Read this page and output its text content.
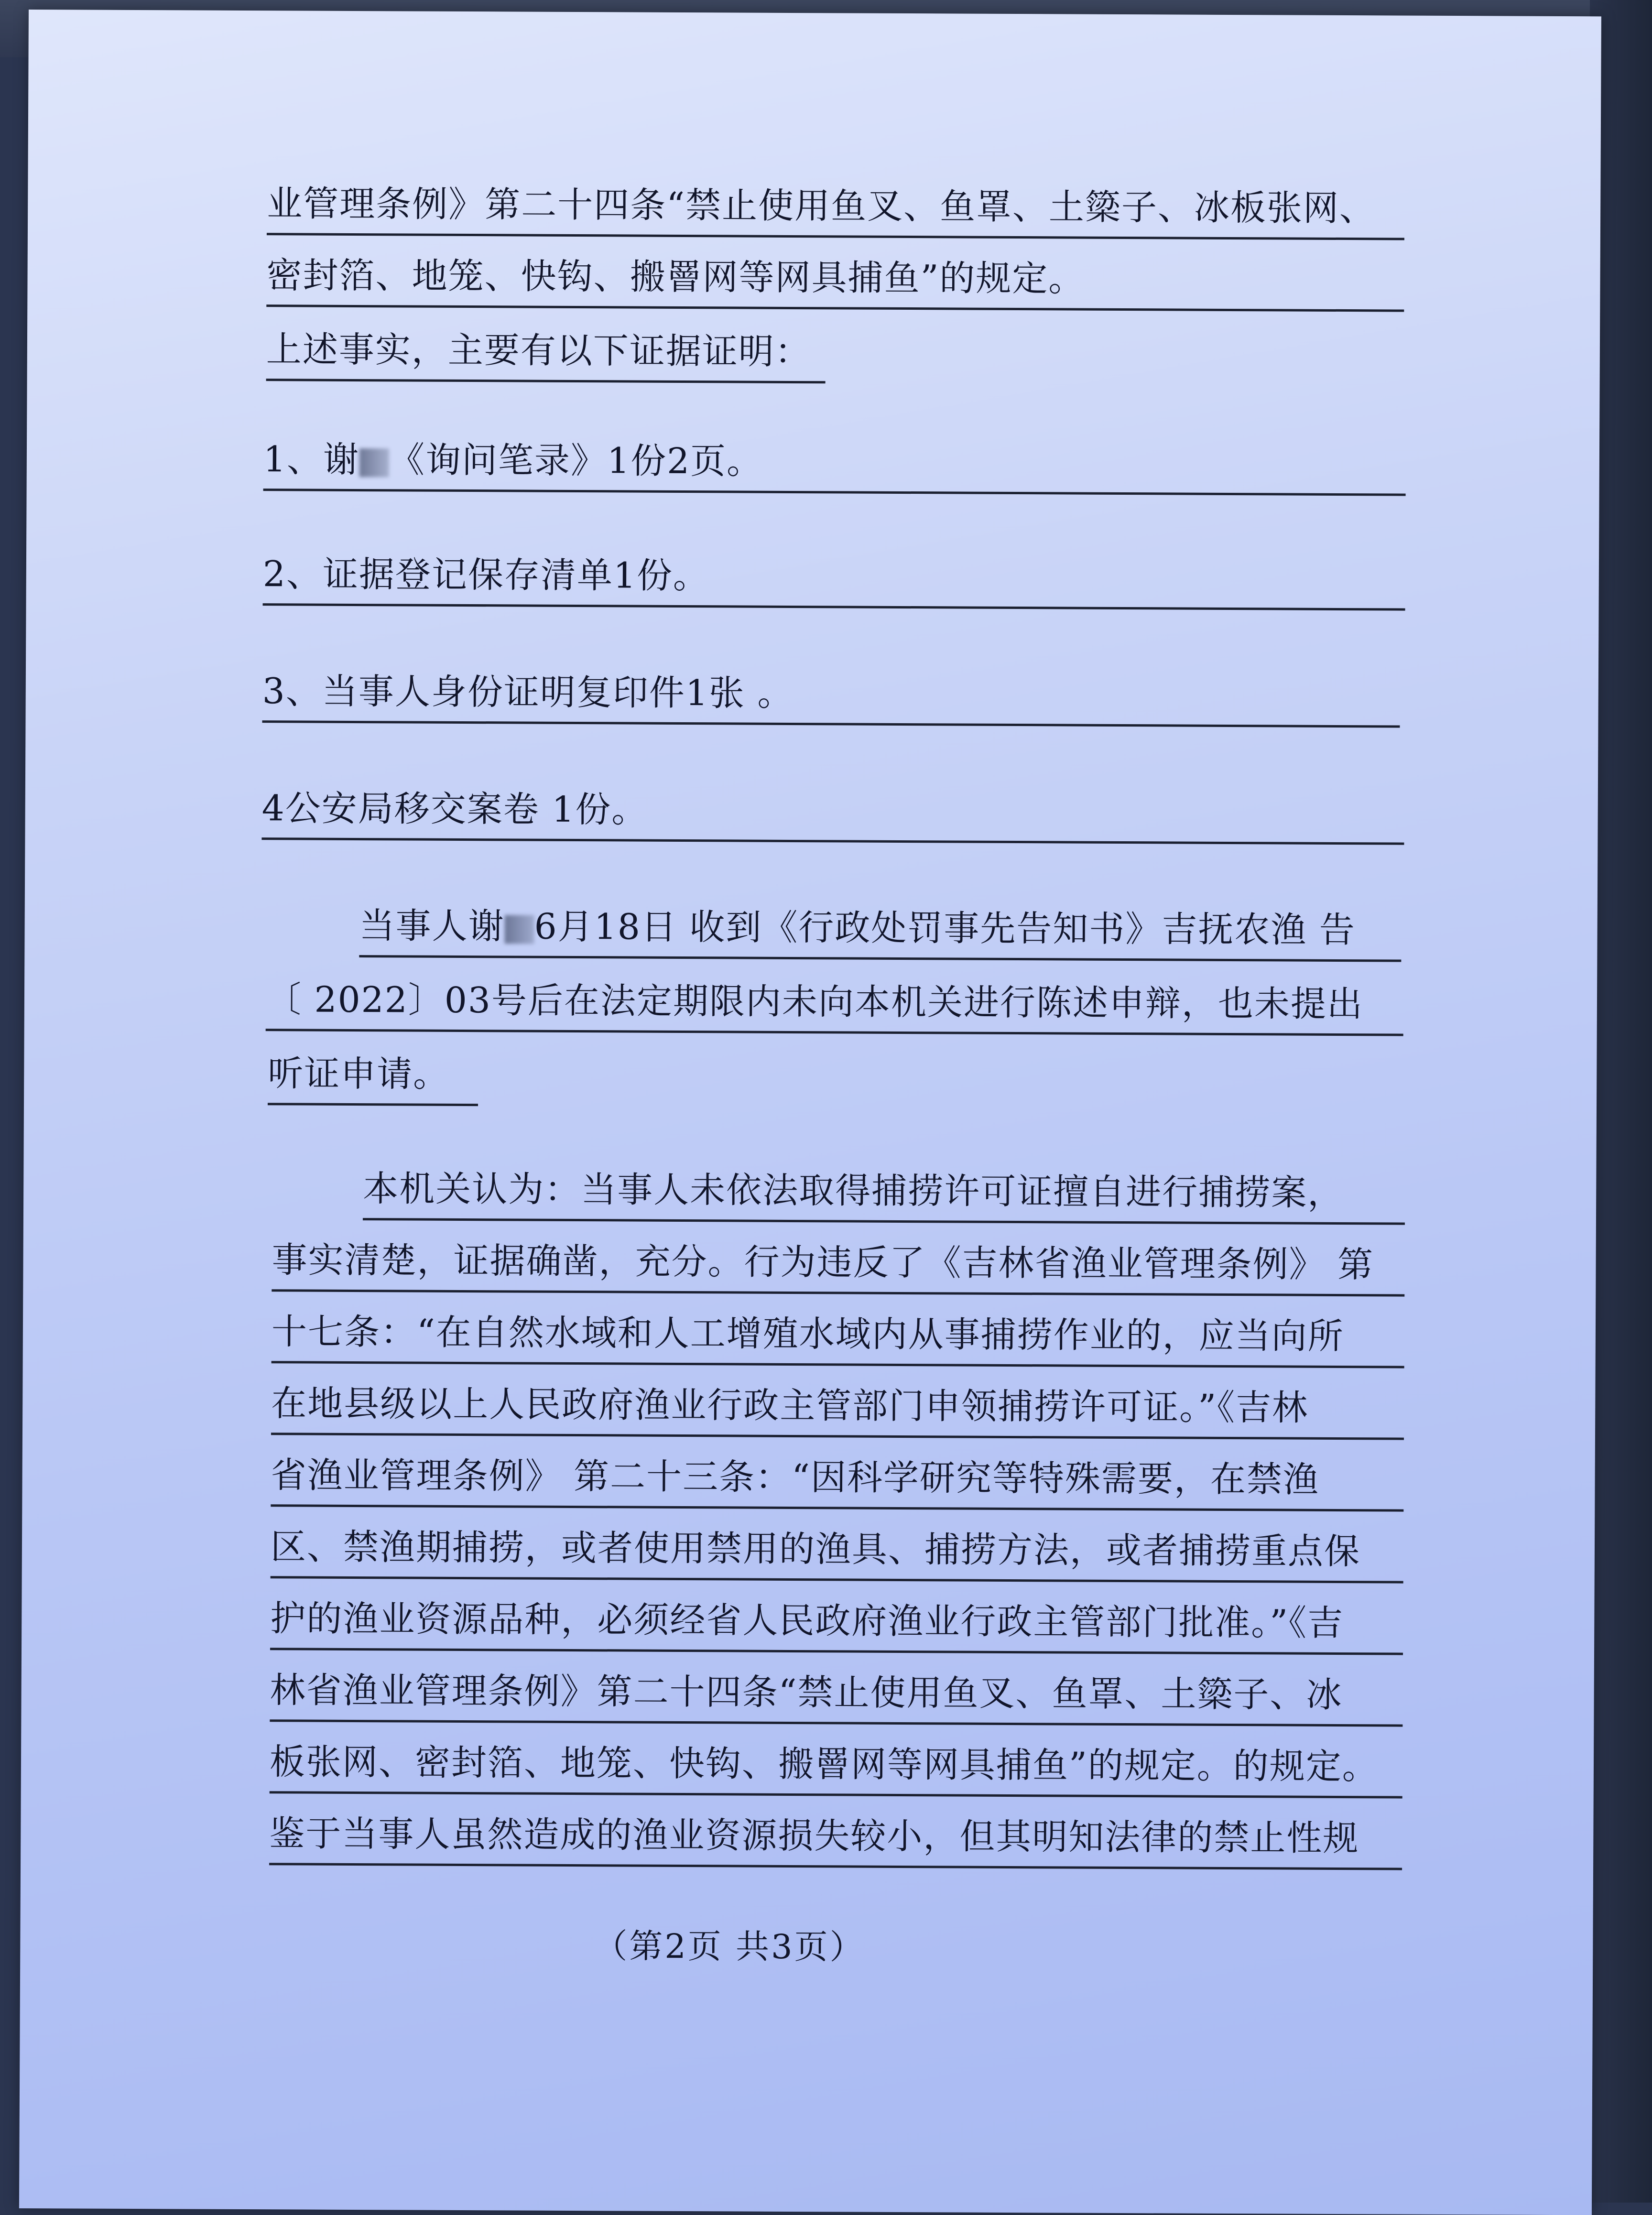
业管理条例》第二十四条“禁止使用鱼叉、鱼罩、土簗子、冰板张网、
密封箔、地笼、快钩、搬罾网等网具捕鱼”的规定。
上述事实，主要有以下证据证明：
1、谢 《询问笔录》1份2页。
2、证据登记保存清单1份。
3、当事人身份证明复印件1张 。
4公安局移交案卷 1份。
当事人谢 6月18日 收到《行政处罚事先告知书》吉抚农渔 告
〔 2022〕03号后在法定期限内未向本机关进行陈述申辩，也未提出
听证申请。
本机关认为：当事人未依法取得捕捞许可证擅自进行捕捞案，
事实清楚，证据确凿，充分。行为违反了《吉林省渔业管理条例》 第
十七条：“在自然水域和人工增殖水域内从事捕捞作业的，应当向所
在地县级以上人民政府渔业行政主管部门申领捕捞许可证。”《吉林
省渔业管理条例》 第二十三条：“因科学研究等特殊需要，在禁渔
区、禁渔期捕捞，或者使用禁用的渔具、捕捞方法，或者捕捞重点保
护的渔业资源品种，必须经省人民政府渔业行政主管部门批准。”《吉
林省渔业管理条例》第二十四条“禁止使用鱼叉、鱼罩、土簗子、冰
板张网、密封箔、地笼、快钩、搬罾网等网具捕鱼”的规定。的规定。
鉴于当事人虽然造成的渔业资源损失较小，但其明知法律的禁止性规
（第2页 共3页）
